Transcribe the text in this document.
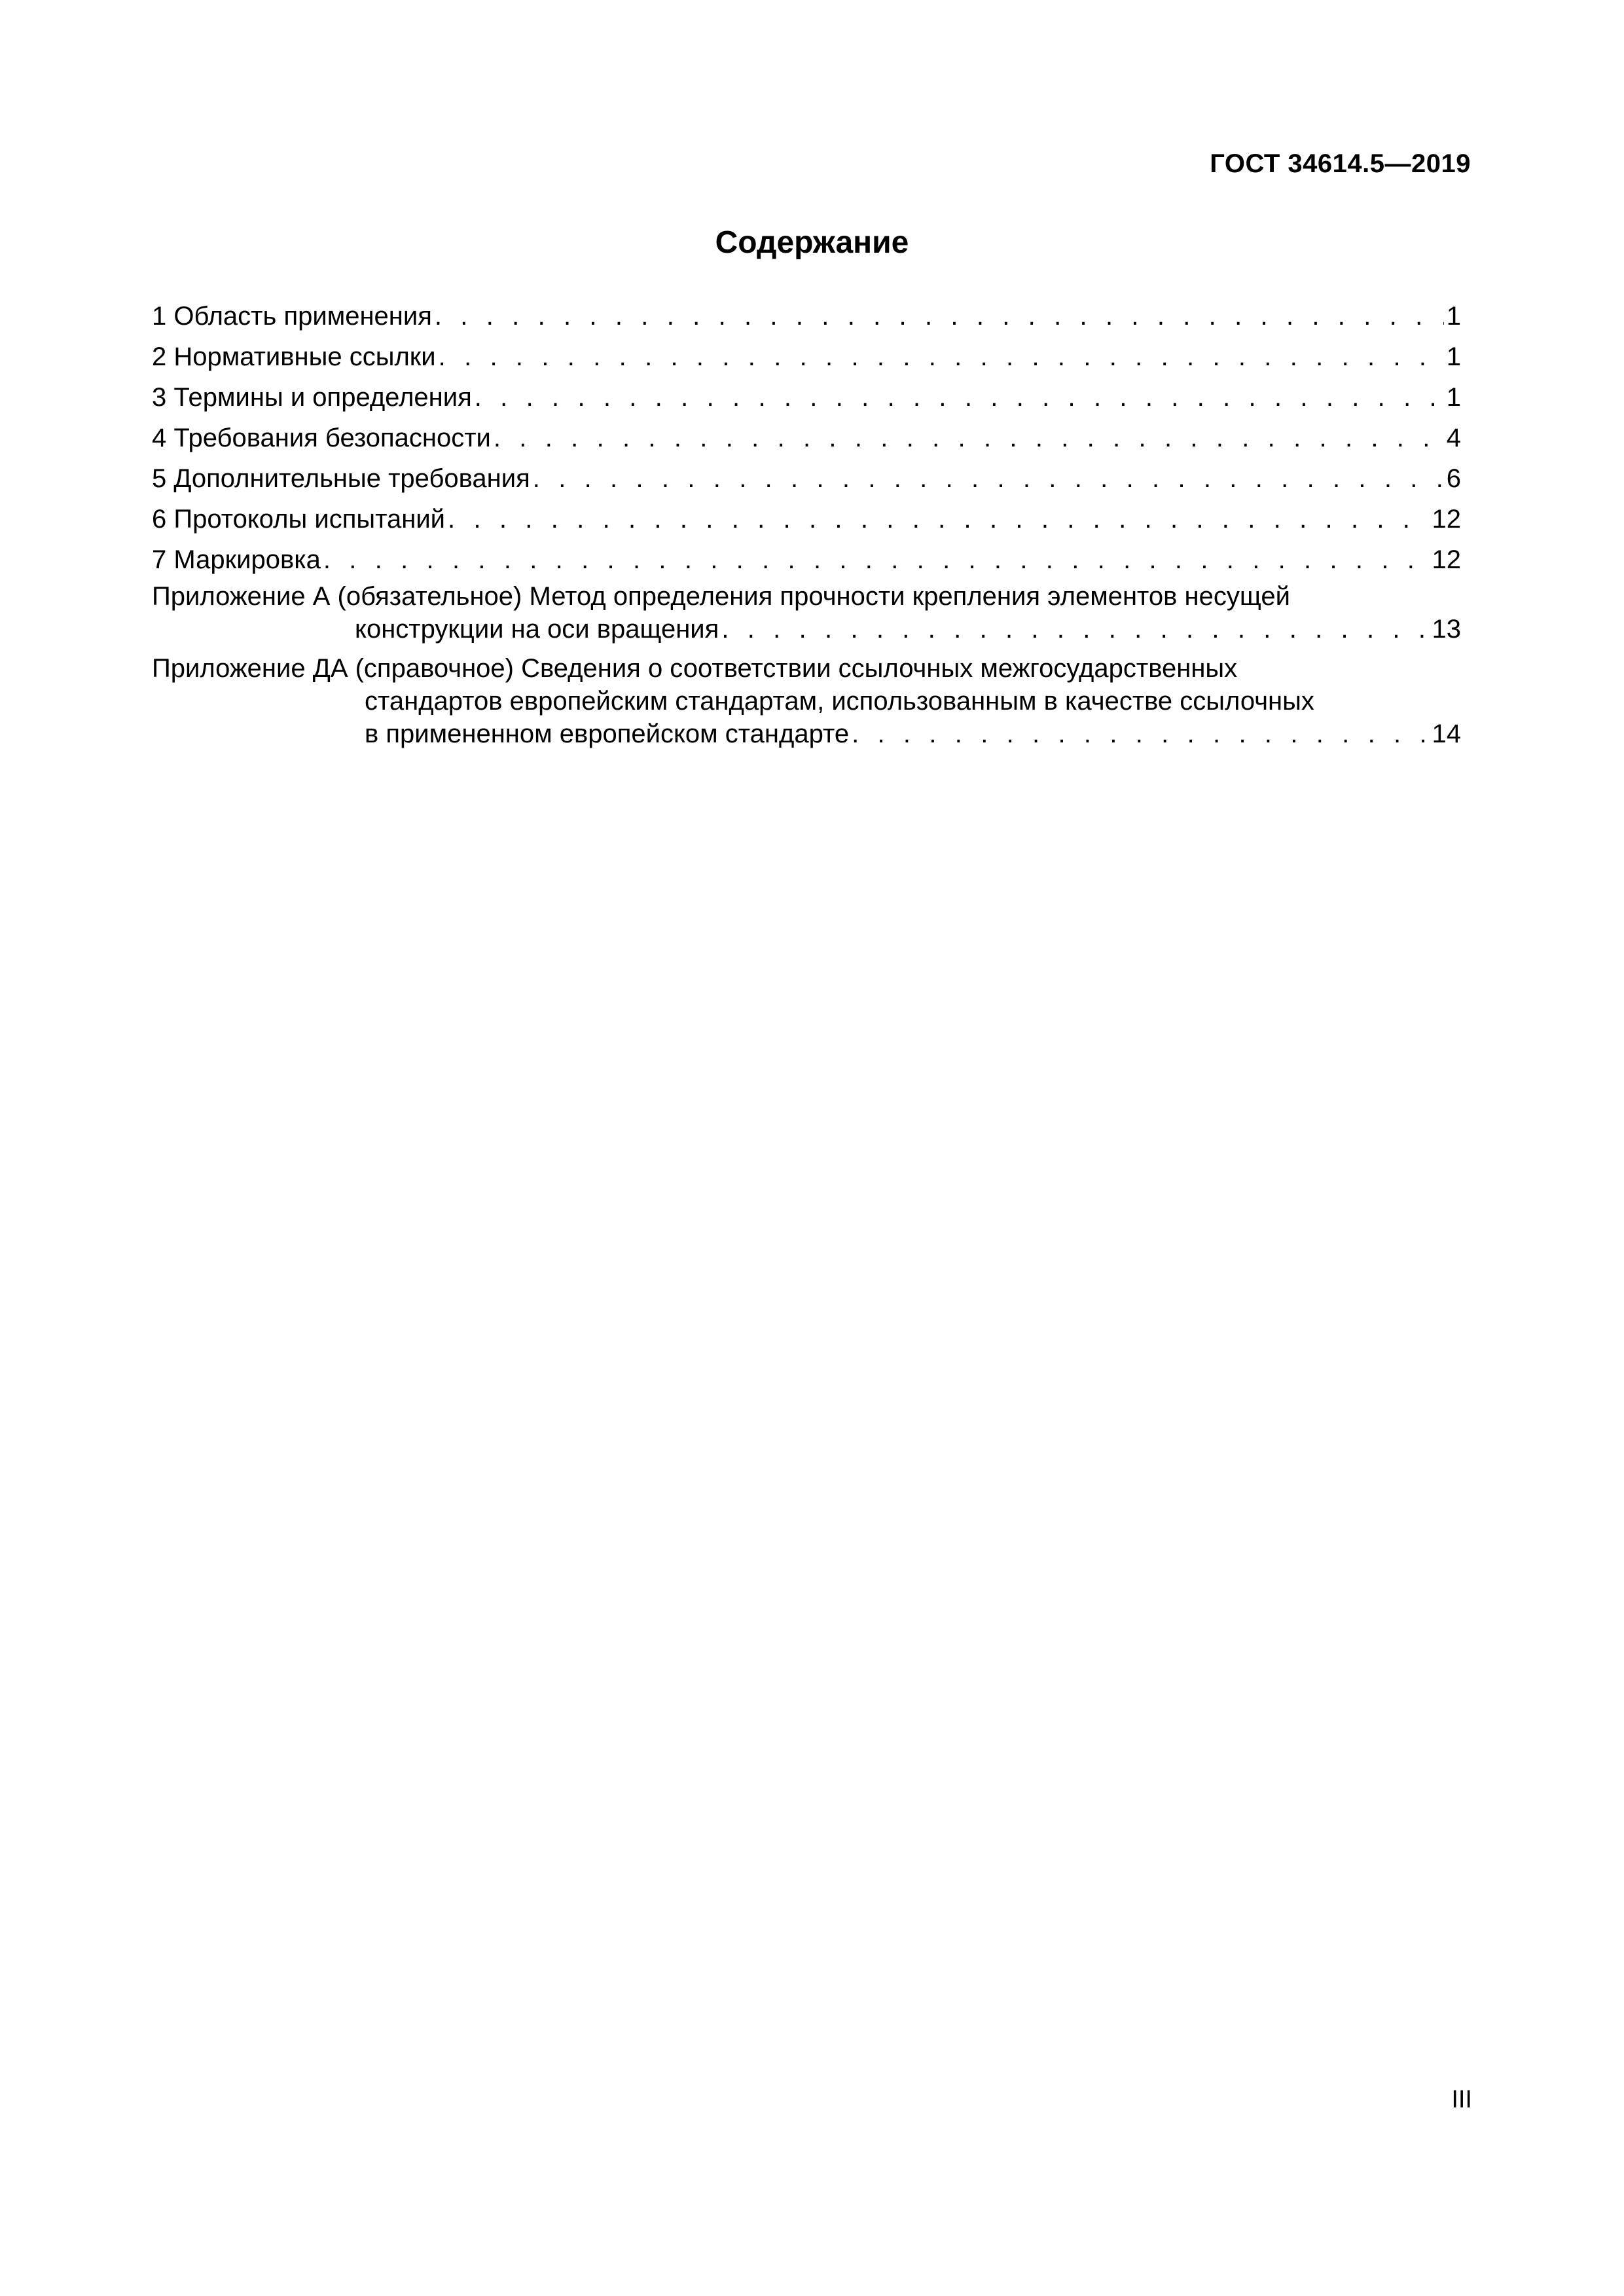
ГОСТ 34614.5—2019
Содержание
1 Область применения . . .	1
2 Нормативные ссылки . . .	1
3 Термины и определения . . .	1
4 Требования безопасности . . .	4
5 Дополнительные требования . . .	6
6 Протоколы испытаний . . .	12
7 Маркировка . . .	12
Приложение А (обязательное) Метод определения прочности крепления элементов несущей
конструкции на оси вращения . . .	13
Приложение ДА (справочное) Сведения о соответствии ссылочных межгосударственных
стандартов европейским стандартам, использованным в качестве ссылочных
в примененном европейском стандарте . . .	14
III
